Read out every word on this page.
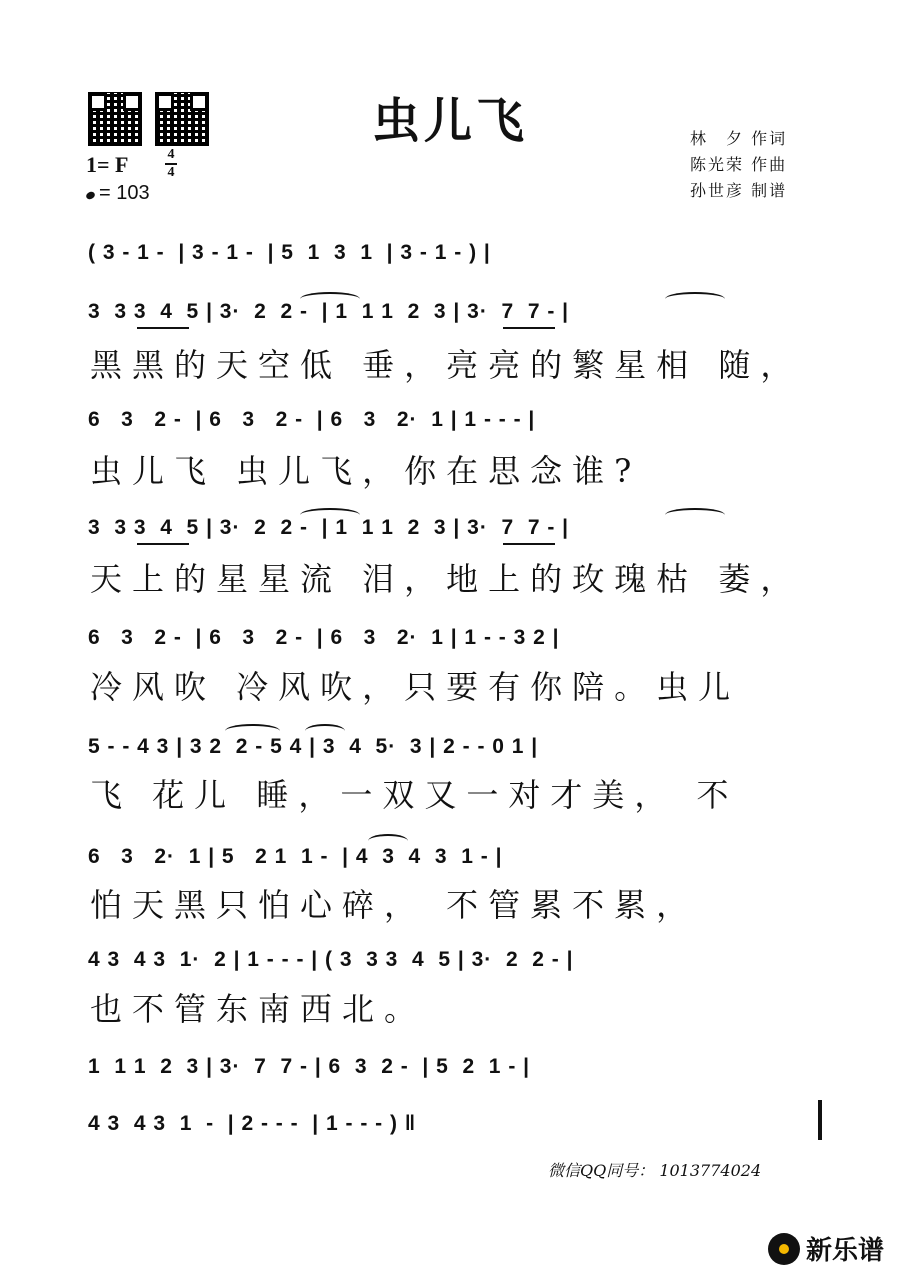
虫儿飞	林　夕 作词
陈光荣 作曲
孙世彦 制谱
1= F	4
4
= 103
( 3 - 1 -  | 3 - 1 -  | 5  1  3  1  | 3 - 1 - ) |
3  3 3  4  5 | 3·  2  2 -  | 1  1 1  2  3 | 3·  7  7 - |
黑黑的天空低 垂，亮亮的繁星相 随，
6   3   2 -  | 6   3   2 -  | 6   3   2·  1 | 1 - - - |
虫儿飞 虫儿飞，你在思念谁?
3  3 3  4  5 | 3·  2  2 -  | 1  1 1  2  3 | 3·  7  7 - |
天上的星星流 泪，地上的玫瑰枯 萎，
6   3   2 -  | 6   3   2 -  | 6   3   2·  1 | 1 - - 3 2 |
冷风吹 冷风吹，只要有你陪。虫儿
5 - - 4 3 | 3 2  2 - 5 4 | 3  4  5·  3 | 2 - - 0 1 |
飞 花儿 睡，一双又一对才美， 不
6   3   2·  1 | 5   2 1  1 -  | 4  3  4  3  1 - |
怕天黑只怕心碎， 不管累不累，
4 3  4 3  1·  2 | 1 - - - | ( 3  3 3  4  5 | 3·  2  2 - |
也不管东南西北。
1  1 1  2  3 | 3·  7  7 - | 6  3  2 -  | 5  2  1 - |
4 3  4 3  1  -  | 2 - - -  | 1 - - - ) ‖
微信QQ同号： 1013774024
新乐谱
